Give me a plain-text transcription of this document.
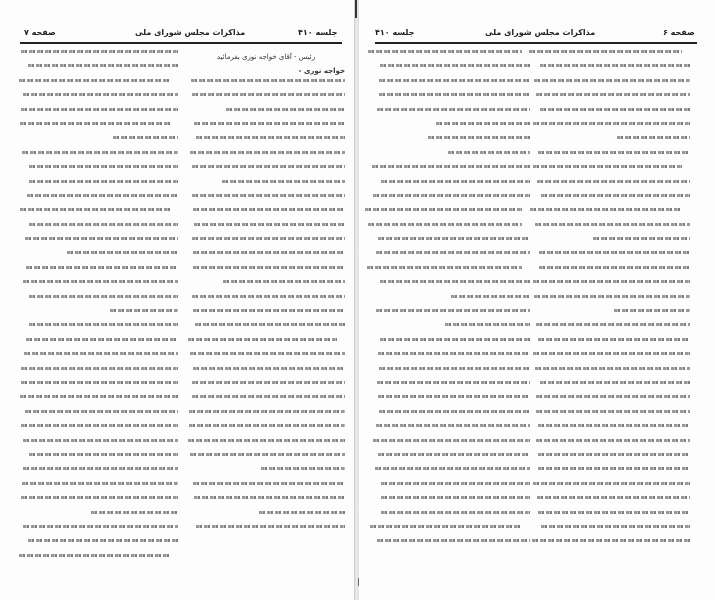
صفحه ۷	مذاکرات مجلس شورای ملی	جلسه ۴۱۰
رئیس - آقای خواجه نوری بفرمائید
خواجه نوری -
جلسه ۴۱۰	مذاکرات مجلس شورای ملی	صفحه ۶
